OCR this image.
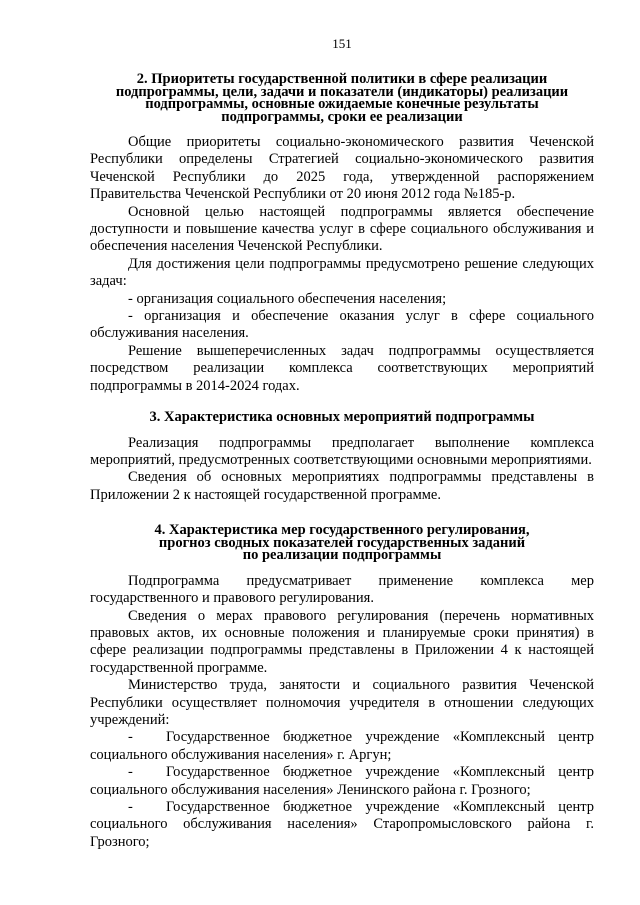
151
2. Приоритеты государственной политики в сфере реализации
подпрограммы, цели, задачи и показатели (индикаторы) реализации
подпрограммы, основные ожидаемые конечные результаты
подпрограммы, сроки ее реализации

Общие приоритеты социально-экономического развития Чеченской Республики определены Стратегией социально-экономического развития Чеченской Республики до 2025 года, утвержденной распоряжением Правительства Чеченской Республики от 20 июня 2012 года №185-р.

Основной целью настоящей подпрограммы является обеспечение доступности и повышение качества услуг в сфере социального обслуживания и обеспечения населения Чеченской Республики.

Для достижения цели подпрограммы предусмотрено решение следующих задач:

- организация социального обеспечения населения;

- организация и обеспечение оказания услуг в сфере социального обслуживания населения.

Решение вышеперечисленных задач подпрограммы осуществляется посредством реализации комплекса соответствующих мероприятий подпрограммы в 2014-2024 годах.

3. Характеристика основных мероприятий подпрограммы

Реализация подпрограммы предполагает выполнение комплекса мероприятий, предусмотренных соответствующими основными мероприятиями.

Сведения об основных мероприятиях подпрограммы представлены в Приложении 2 к настоящей государственной программе.

4. Характеристика мер государственного регулирования,
прогноз сводных показателей государственных заданий
по реализации подпрограммы

Подпрограмма предусматривает применение комплекса мер государственного и правового регулирования.

Сведения о мерах правового регулирования (перечень нормативных правовых актов, их основные положения и планируемые сроки принятия) в сфере реализации подпрограммы представлены в Приложении 4 к настоящей государственной программе.

Министерство труда, занятости и социального развития Чеченской Республики осуществляет полномочия учредителя в отношении следующих учреждений:

- Государственное бюджетное учреждение «Комплексный центр социального обслуживания населения» г. Аргун;

- Государственное бюджетное учреждение «Комплексный центр социального обслуживания населения» Ленинского района г. Грозного;

- Государственное бюджетное учреждение «Комплексный центр социального обслуживания населения» Старопромысловского района г. Грозного;
